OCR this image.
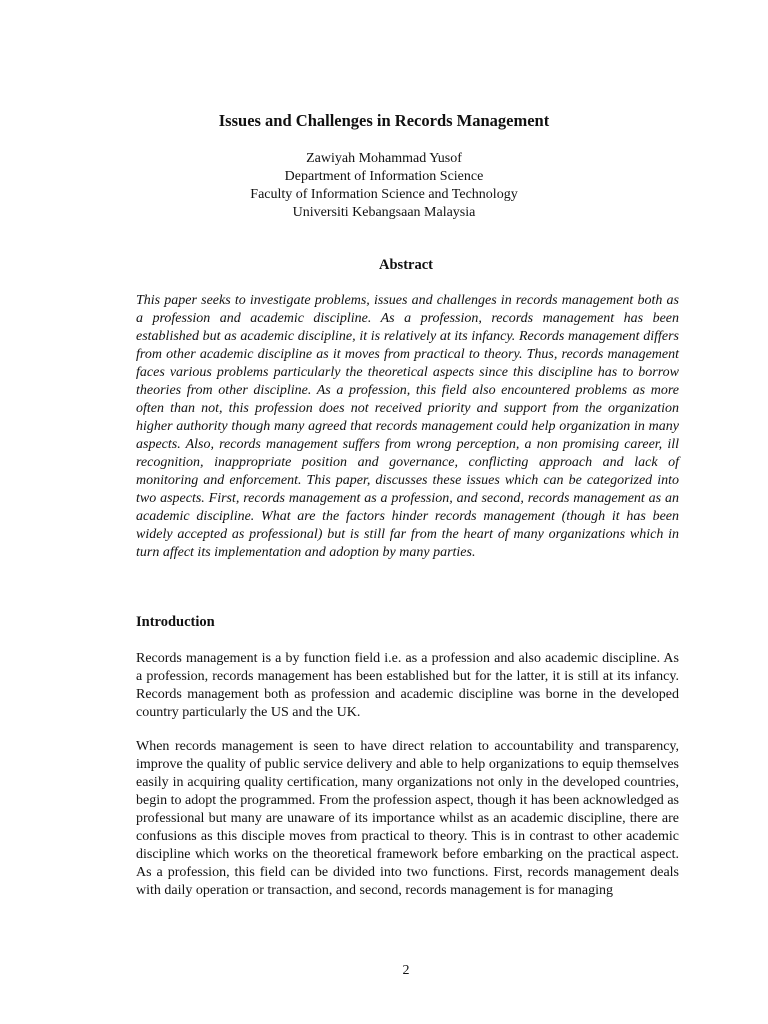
Issues and Challenges in Records Management
Zawiyah Mohammad Yusof
Department of Information Science
Faculty of Information Science and Technology
Universiti Kebangsaan Malaysia
Abstract

This paper seeks to investigate problems, issues and challenges in records management both as a profession and academic discipline. As a profession, records management has been established but as academic discipline, it is relatively at its infancy. Records management differs from other academic discipline as it moves from practical to theory. Thus, records management faces various problems particularly the theoretical aspects since this discipline has to borrow theories from other discipline. As a profession, this field also encountered problems as more often than not, this profession does not received priority and support from the organization higher authority though many agreed that records management could help organization in many aspects. Also, records management suffers from wrong perception, a non promising career, ill recognition, inappropriate position and governance, conflicting approach and lack of monitoring and enforcement. This paper, discusses these issues which can be categorized into two aspects. First, records management as a profession, and second, records management as an academic discipline. What are the factors hinder records management (though it has been widely accepted as professional) but is still far from the heart of many organizations which in turn affect its implementation and adoption by many parties.

Introduction

Records management is a by function field i.e. as a profession and also academic discipline. As a profession, records management has been established but for the latter, it is still at its infancy. Records management both as profession and academic discipline was borne in the developed country particularly the US and the UK.

When records management is seen to have direct relation to accountability and transparency, improve the quality of public service delivery and able to help organizations to equip themselves easily in acquiring quality certification, many organizations not only in the developed countries, begin to adopt the programmed. From the profession aspect, though it has been acknowledged as professional but many are unaware of its importance whilst as an academic discipline, there are confusions as this disciple moves from practical to theory. This is in contrast to other academic discipline which works on the theoretical framework before embarking on the practical aspect. As a profession, this field can be divided into two functions. First, records management deals with daily operation or transaction, and second, records management is for managing

2
